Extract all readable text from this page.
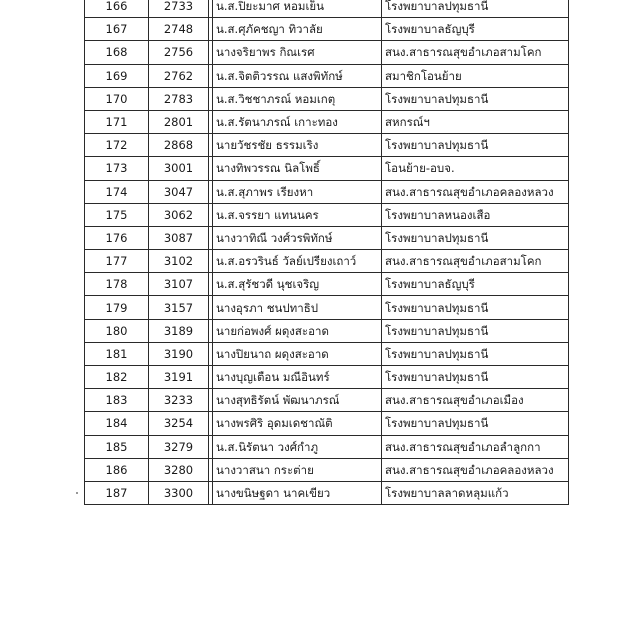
166	2733		น.ส.ปิยะมาศ หอมเย็น	โรงพยาบาลปทุมธานี
167	2748		น.ส.ศุภัคชญา ทิวาลัย	โรงพยาบาลธัญบุรี
168	2756		นางจริยาพร กิณเรศ	สนง.สาธารณสุขอำเภอสามโคก
169	2762		น.ส.จิตติวรรณ แสงพิทักษ์	สมาชิกโอนย้าย
170	2783		น.ส.วิชชาภรณ์ หอมเกตุ	โรงพยาบาลปทุมธานี
171	2801		น.ส.รัตนาภรณ์ เกาะทอง	สหกรณ์ฯ
172	2868		นายวัชรชัย ธรรมเริง	โรงพยาบาลปทุมธานี
173	3001		นางทิพวรรณ นิลโพธิ์	โอนย้าย-อบจ.
174	3047		น.ส.สุภาพร เรียงหา	สนง.สาธารณสุขอำเภอคลองหลวง
175	3062		น.ส.จรรยา แทนนคร	โรงพยาบาลหนองเสือ
176	3087		นางวาทิณี วงศ์วรพิทักษ์	โรงพยาบาลปทุมธานี
177	3102		น.ส.อรวรินธ์ วัลย์เปรียงเถาว์	สนง.สาธารณสุขอำเภอสามโคก
178	3107		น.ส.สุรัชวดี นุชเจริญ	โรงพยาบาลธัญบุรี
179	3157		นางอุรภา ชนปทาธิป	โรงพยาบาลปทุมธานี
180	3189		นายก่อพงศ์ ผดุงสะอาด	โรงพยาบาลปทุมธานี
181	3190		นางปิยนาถ ผดุงสะอาด	โรงพยาบาลปทุมธานี
182	3191		นางบุญเตือน มณีอินทร์	โรงพยาบาลปทุมธานี
183	3233		นางสุทธิรัตน์ พัฒนาภรณ์	สนง.สาธารณสุขอำเภอเมือง
184	3254		นางพรศิริ อุดมเดชาณัติ	โรงพยาบาลปทุมธานี
185	3279		น.ส.นิรัตนา วงศ์กำภู	สนง.สาธารณสุขอำเภอลำลูกกา
186	3280		นางวาสนา กระต่าย	สนง.สาธารณสุขอำเภอคลองหลวง
187	3300		นางขนิษฐดา นาคเขียว	โรงพยาบาลลาดหลุมแก้ว
